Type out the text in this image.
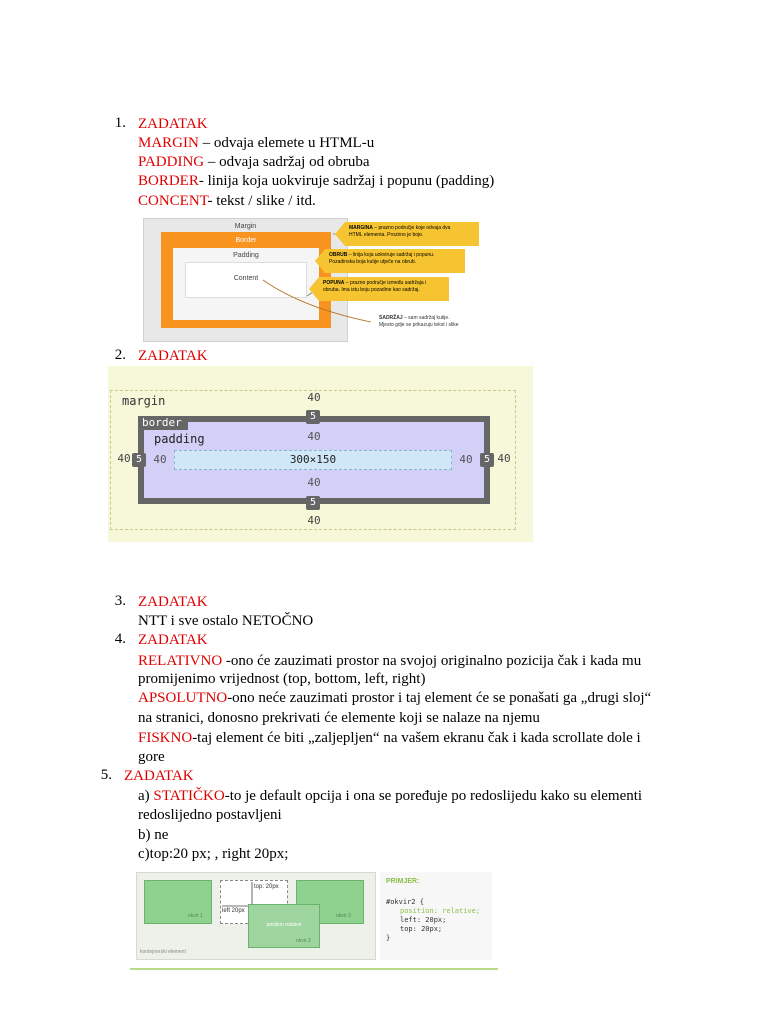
1. ZADATAK
MARGIN – odvaja elemete u HTML-u
PADDING – odvaja sadržaj od obruba
BORDER- linija koja uokviruje sadržaj i popunu (padding)
CONCENT- tekst / slike / itd.
Margin
Border
Padding
Content
MARGINA – prazno područje koje odvaja dva
HTML elementa. Prozirno je boje.
OBRUB – linija koja uokviruje sadržaj i popunu.
Pozadinska boja kutije utječe na obrub.
POPUNA – prazno područje između sadržaja i
obruba. Ima istu boju pozadine kao sadržaj.
SADRŽAJ – sam sadržaj kutije.
Mjesto gdje se prikazuju tekst i slike
2. ZADATAK
margin	40
40
40	40
border
padding
5
5
5	5
40
40
40	40
300×150
3. ZADATAK
NTT i sve ostalo NETOČNO
4. ZADATAK
RELATIVNO -ono će zauzimati prostor na svojoj originalno pozicija čak i kada mu
promijenimo vrijednost (top, bottom, left, right)
APSOLUTNO-ono neće zauzimati prostor i taj element će se ponašati ga „drugi sloj“
na stranici, donosno prekrivati će elemente koji se nalaze na njemu
FISKNO-taj element će biti „zaljepljen“ na vašem ekranu čak i kada scrollate dole i
gore
5. ZADATAK
a) STATIČKO-to je default opcija i ona se poređuje po redoslijedu kako su elementi
redoslijedno postavljeni
b) ne
c)top:20 px; , right 20px;
kontejnerski element
okvir 1	okvir 3
position relative
okvir 2
top: 20px
left 20px
PRIMJER:
#okvir2 {
position: relative;
left: 20px;
top: 20px;
}
